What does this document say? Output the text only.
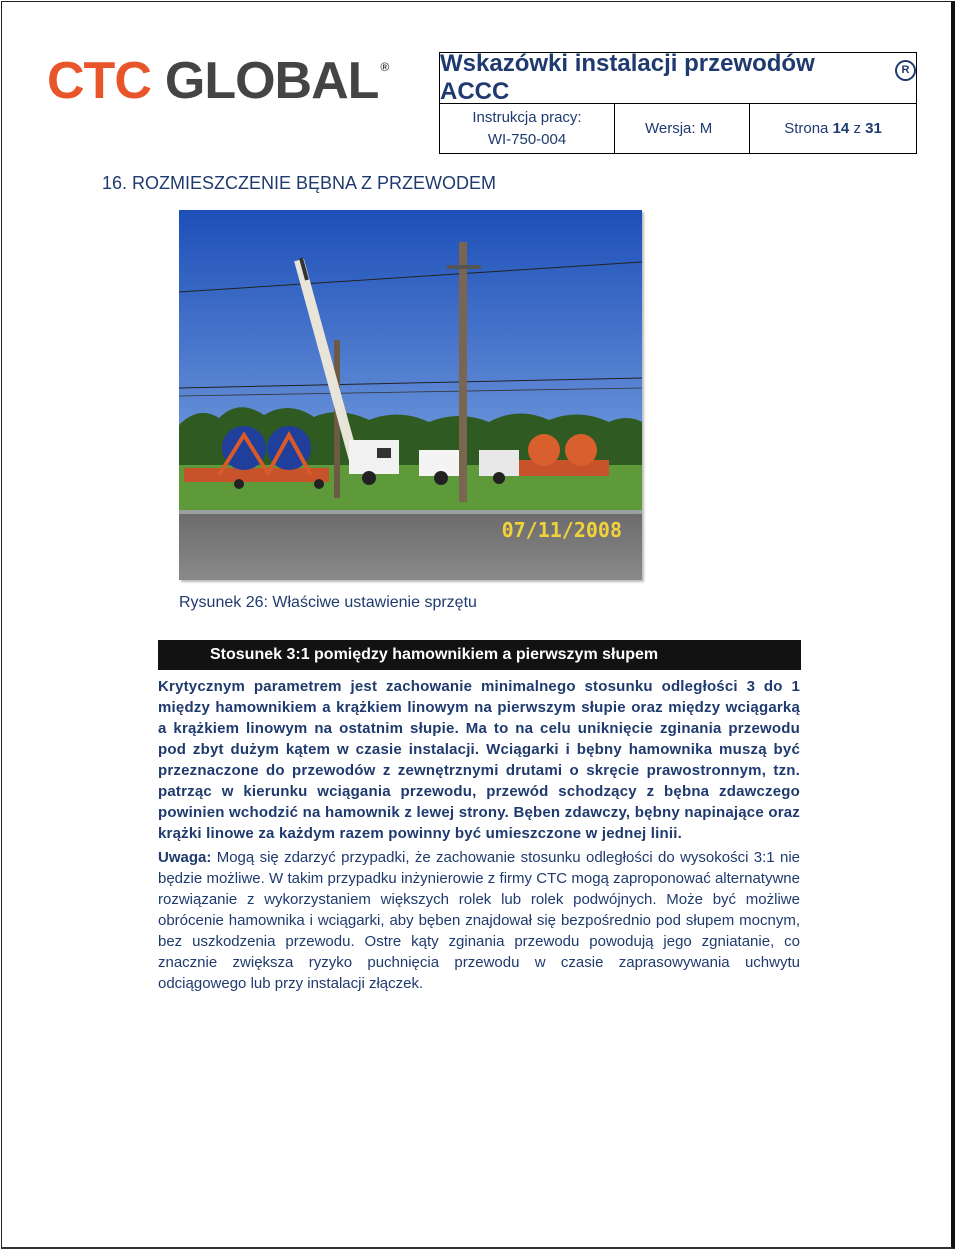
CTC GLOBAL ® Wskazówki instalacji przewodów ACCC
R
Instrukcja pracy:
WI-750-004
Wersja: M	Strona 14 z 31
16. ROZMIESZCZENIE BĘBNA Z PRZEWODEM
07/11/2008
Rysunek 26: Właściwe ustawienie sprzętu
Stosunek 3:1 pomiędzy hamownikiem a pierwszym słupem
Krytycznym parametrem jest zachowanie minimalnego stosunku odległości 3 do 1 między hamownikiem a krążkiem linowym na pierwszym słupie oraz między wciągarką a krążkiem linowym na ostatnim słupie. Ma to na celu uniknięcie zginania przewodu pod zbyt dużym kątem w czasie instalacji. Wciągarki i bębny hamownika muszą być przeznaczone do przewodów z zewnętrznymi drutami o skręcie prawostronnym, tzn. patrząc w kierunku wciągania przewodu, przewód schodzący z bębna zdawczego powinien wchodzić na hamownik z lewej strony. Bęben zdawczy, bębny napinające oraz krążki linowe za każdym razem powinny być umieszczone w jednej linii.
Uwaga: Mogą się zdarzyć przypadki, że zachowanie stosunku odległości do wysokości 3:1 nie będzie możliwe. W takim przypadku inżynierowie z firmy CTC mogą zaproponować alternatywne rozwiązanie z wykorzystaniem większych rolek lub rolek podwójnych. Może być możliwe obrócenie hamownika i wciągarki, aby bęben znajdował się bezpośrednio pod słupem mocnym, bez uszkodzenia przewodu. Ostre kąty zginania przewodu powodują jego zgniatanie, co znacznie zwiększa ryzyko puchnięcia przewodu w czasie zaprasowywania uchwytu odciągowego lub przy instalacji złączek.
